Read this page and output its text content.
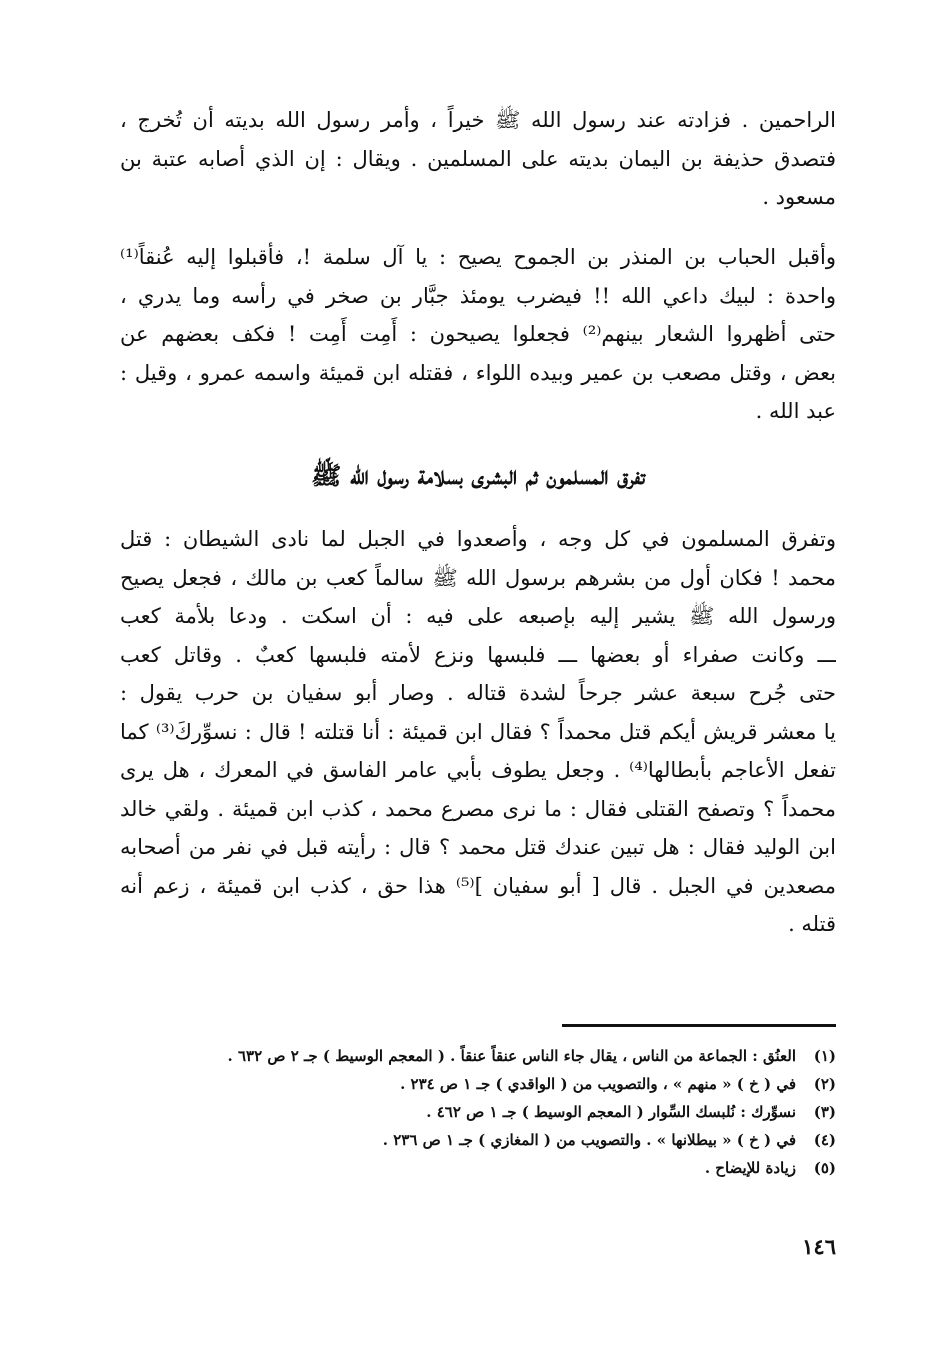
الراحمين . فزادته عند رسول الله ﷺ خيراً ، وأمر رسول الله بديته أن تُخرج ،
فتصدق حذيفة بن اليمان بديته على المسلمين . ويقال : إن الذي أصابه عتبة بن
مسعود .
وأقبل الحباب بن المنذر بن الجموح يصيح : يا آل سلمة !، فأقبلوا إليه عُنقاً⁽¹⁾
واحدة : لبيك داعي الله !! فيضرب يومئذ جبَّار بن صخر في رأسه وما يدري ،
حتى أظهروا الشعار بينهم⁽²⁾ فجعلوا يصيحون : أَمِت أَمِت ! فكف بعضهم عن
بعض ، وقتل مصعب بن عمير وبيده اللواء ، فقتله ابن قميئة واسمه عمرو ، وقيل :
عبد الله .
تفرق المسلمون ثم البشرى بسلامة رسول الله ﷺ
وتفرق المسلمون في كل وجه ، وأصعدوا في الجبل لما نادى الشيطان : قتل
محمد ! فكان أول من بشرهم برسول الله ﷺ سالماً كعب بن مالك ، فجعل يصيح
ورسول الله ﷺ يشير إليه بإصبعه على فيه : أن اسكت . ودعا بلأمة كعب
ـــ وكانت صفراء أو بعضها ـــ فلبسها ونزع لأمته فلبسها كعبٌ . وقاتل كعب
حتى جُرح سبعة عشر جرحاً لشدة قتاله . وصار أبو سفيان بن حرب يقول :
يا معشر قريش أيكم قتل محمداً ؟ فقال ابن قميئة : أنا قتلته ! قال : نسوِّركَ⁽³⁾ كما
تفعل الأعاجم بأبطالها⁽⁴⁾ . وجعل يطوف بأبي عامر الفاسق في المعرك ، هل يرى
محمداً ؟ وتصفح القتلى فقال : ما نرى مصرع محمد ، كذب ابن قميئة . ولقي خالد
ابن الوليد فقال : هل تبين عندك قتل محمد ؟ قال : رأيته قبل في نفر من أصحابه
مصعدين في الجبل . قال [ أبو سفيان ]⁽⁵⁾ هذا حق ، كذب ابن قميئة ، زعم أنه
قتله .
(١)
العنُق : الجماعة من الناس ، يقال جاء الناس عنقاً عنقاً . ( المعجم الوسيط ) جـ ٢ ص ٦٣٢ .
(٢)
في ( خ ) « منهم » ، والتصويب من ( الواقدي ) جـ ١ ص ٢٣٤ .
(٣)
نسوِّرك : نُلبسك السِّوار ( المعجم الوسيط ) جـ ١ ص ٤٦٢ .
(٤)
في ( خ ) « بيطلانها » . والتصويب من ( المغازي ) جـ ١ ص ٢٣٦ .
(٥)
زيادة للإيضاح .
١٤٦
